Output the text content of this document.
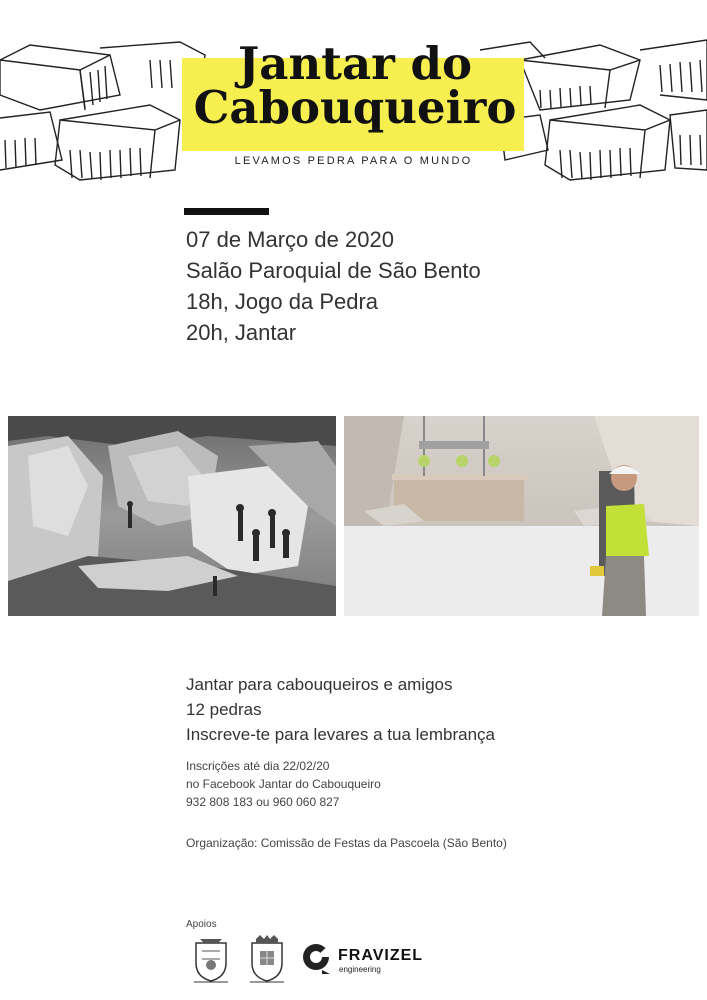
Jantar do
Cabouqueiro
LEVAMOS PEDRA PARA O MUNDO
07 de Março de 2020
Salão Paroquial de São Bento
18h, Jogo da Pedra
20h, Jantar
Jantar para cabouqueiros e amigos
12 pedras
Inscreve-te para levares a tua lembrança
Inscrições até dia 22/02/20
no Facebook Jantar do Cabouqueiro
932 808 183 ou 960 060 827
Organização: Comissão de Festas da Pascoela (São Bento)
Apoios
FRAVIZEL
engineering
